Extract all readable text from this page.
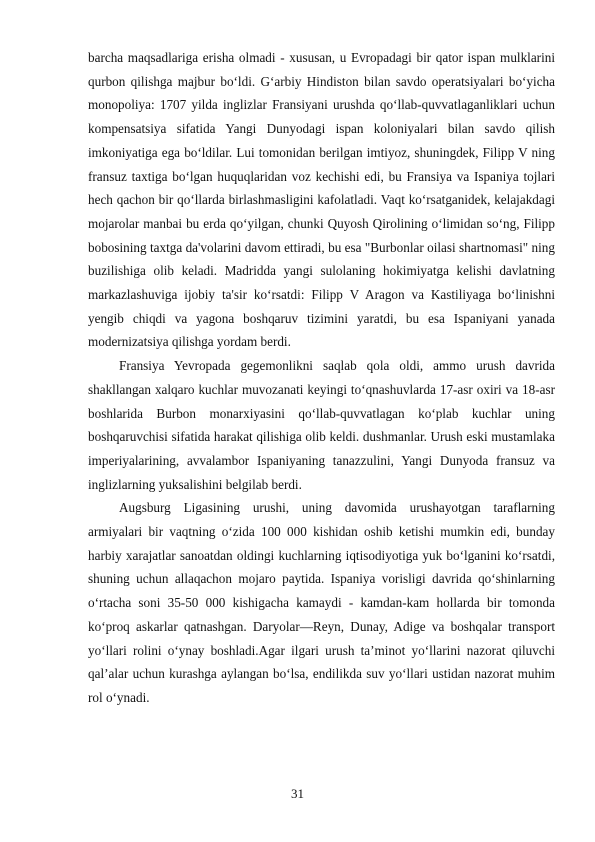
barcha maqsadlariga erisha olmadi - xususan, u Evropadagi bir qator ispan mulklarini qurbon qilishga majbur bo‘ldi. G‘arbiy Hindiston bilan savdo operatsiyalari bo‘yicha monopoliya: 1707 yilda inglizlar Fransiyani urushda qo‘llab-quvvatlaganliklari uchun kompensatsiya sifatida Yangi Dunyodagi ispan koloniyalari bilan savdo qilish imkoniyatiga ega bo‘ldilar. Lui tomonidan berilgan imtiyoz, shuningdek, Filipp V ning fransuz taxtiga bo‘lgan huquqlaridan voz kechishi edi, bu Fransiya va Ispaniya tojlari hech qachon bir qo‘llarda birlashmasligini kafolatladi. Vaqt ko‘rsatganidek, kelajakdagi mojarolar manbai bu erda qo‘yilgan, chunki Quyosh Qirolining o‘limidan so‘ng, Filipp bobosining taxtga da'volarini davom ettiradi, bu esa "Burbonlar oilasi shartnomasi" ning buzilishiga olib keladi. Madridda yangi sulolaning hokimiyatga kelishi davlatning markazlashuviga ijobiy ta'sir ko‘rsatdi: Filipp V Aragon va Kastiliyaga bo‘linishni yengib chiqdi va yagona boshqaruv tizimini yaratdi, bu esa Ispaniyani yanada modernizatsiya qilishga yordam berdi.

Fransiya Yevropada gegemonlikni saqlab qola oldi, ammo urush davrida shakllangan xalqaro kuchlar muvozanati keyingi to‘qnashuvlarda 17-asr oxiri va 18-asr boshlarida Burbon monarxiyasini qo‘llab-quvvatlagan ko‘plab kuchlar uning boshqaruvchisi sifatida harakat qilishiga olib keldi. dushmanlar. Urush eski mustamlaka imperiyalarining, avvalambor Ispaniyaning tanazzulini, Yangi Dunyoda fransuz va inglizlarning yuksalishini belgilab berdi.

Augsburg Ligasining urushi, uning davomida urushayotgan taraflarning armiyalari bir vaqtning o‘zida 100 000 kishidan oshib ketishi mumkin edi, bunday harbiy xarajatlar sanoatdan oldingi kuchlarning iqtisodiyotiga yuk bo‘lganini ko‘rsatdi, shuning uchun allaqachon mojaro paytida. Ispaniya vorisligi davrida qo‘shinlarning o‘rtacha soni 35-50 000 kishigacha kamaydi - kamdan-kam hollarda bir tomonda ko‘proq askarlar qatnashgan. Daryolar—Reyn, Dunay, Adige va boshqalar transport yo‘llari rolini o‘ynay boshladi.Agar ilgari urush ta’minot yo‘llarini nazorat qiluvchi qal’alar uchun kurashga aylangan bo‘lsa, endilikda suv yo‘llari ustidan nazorat muhim rol o‘ynadi.

31
